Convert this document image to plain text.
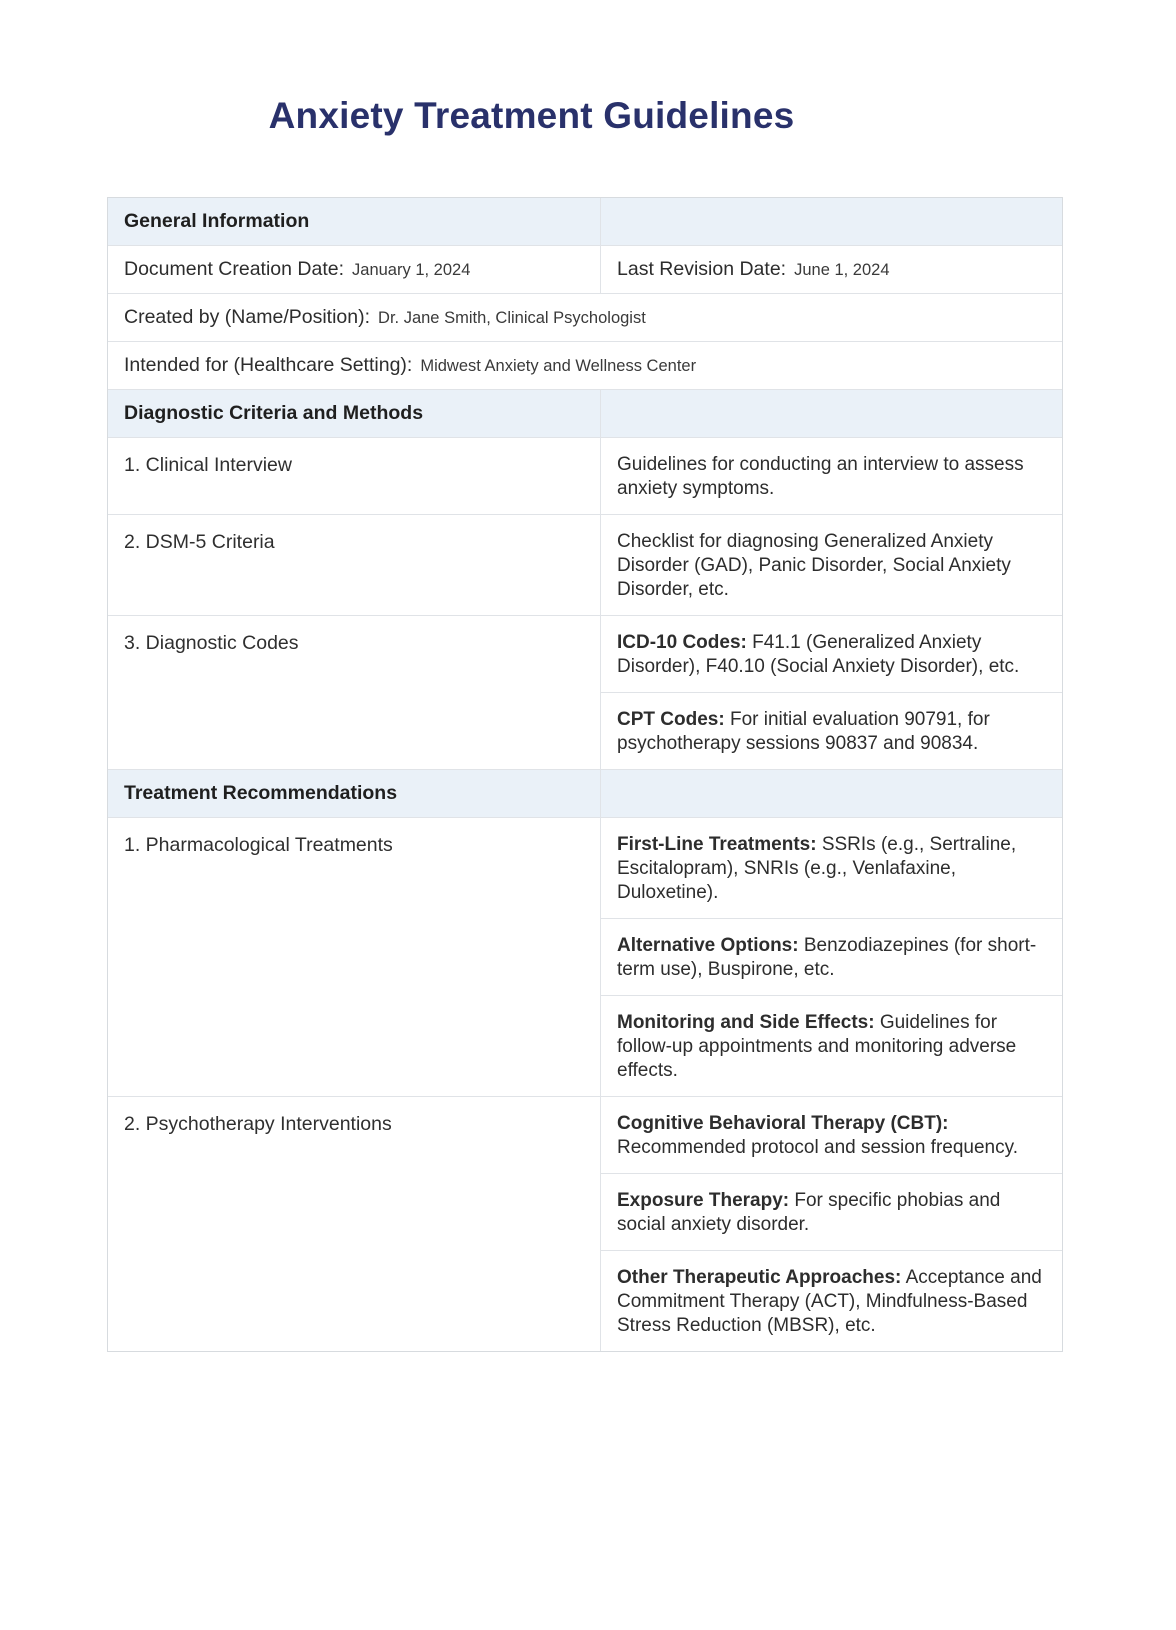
Anxiety Treatment Guidelines
General Information
Document Creation Date: January 1, 2024	Last Revision Date: June 1, 2024
Created by (Name/Position): Dr. Jane Smith, Clinical Psychologist
Intended for (Healthcare Setting): Midwest Anxiety and Wellness Center
Diagnostic Criteria and Methods
1. Clinical Interview	Guidelines for conducting an interview to assess anxiety symptoms.
2. DSM-5 Criteria	Checklist for diagnosing Generalized Anxiety Disorder (GAD), Panic Disorder, Social Anxiety Disorder, etc.
3. Diagnostic Codes	ICD-10 Codes: F41.1 (Generalized Anxiety Disorder), F40.10 (Social Anxiety Disorder), etc.
CPT Codes: For initial evaluation 90791, for psychotherapy sessions 90837 and 90834.
Treatment Recommendations
1. Pharmacological Treatments	First-Line Treatments: SSRIs (e.g., Sertraline, Escitalopram), SNRIs (e.g., Venlafaxine, Duloxetine).
Alternative Options: Benzodiazepines (for short-term use), Buspirone, etc.
Monitoring and Side Effects: Guidelines for follow-up appointments and monitoring adverse effects.
2. Psychotherapy Interventions	Cognitive Behavioral Therapy (CBT): Recommended protocol and session frequency.
Exposure Therapy: For specific phobias and social anxiety disorder.
Other Therapeutic Approaches: Acceptance and Commitment Therapy (ACT), Mindfulness-Based Stress Reduction (MBSR), etc.
